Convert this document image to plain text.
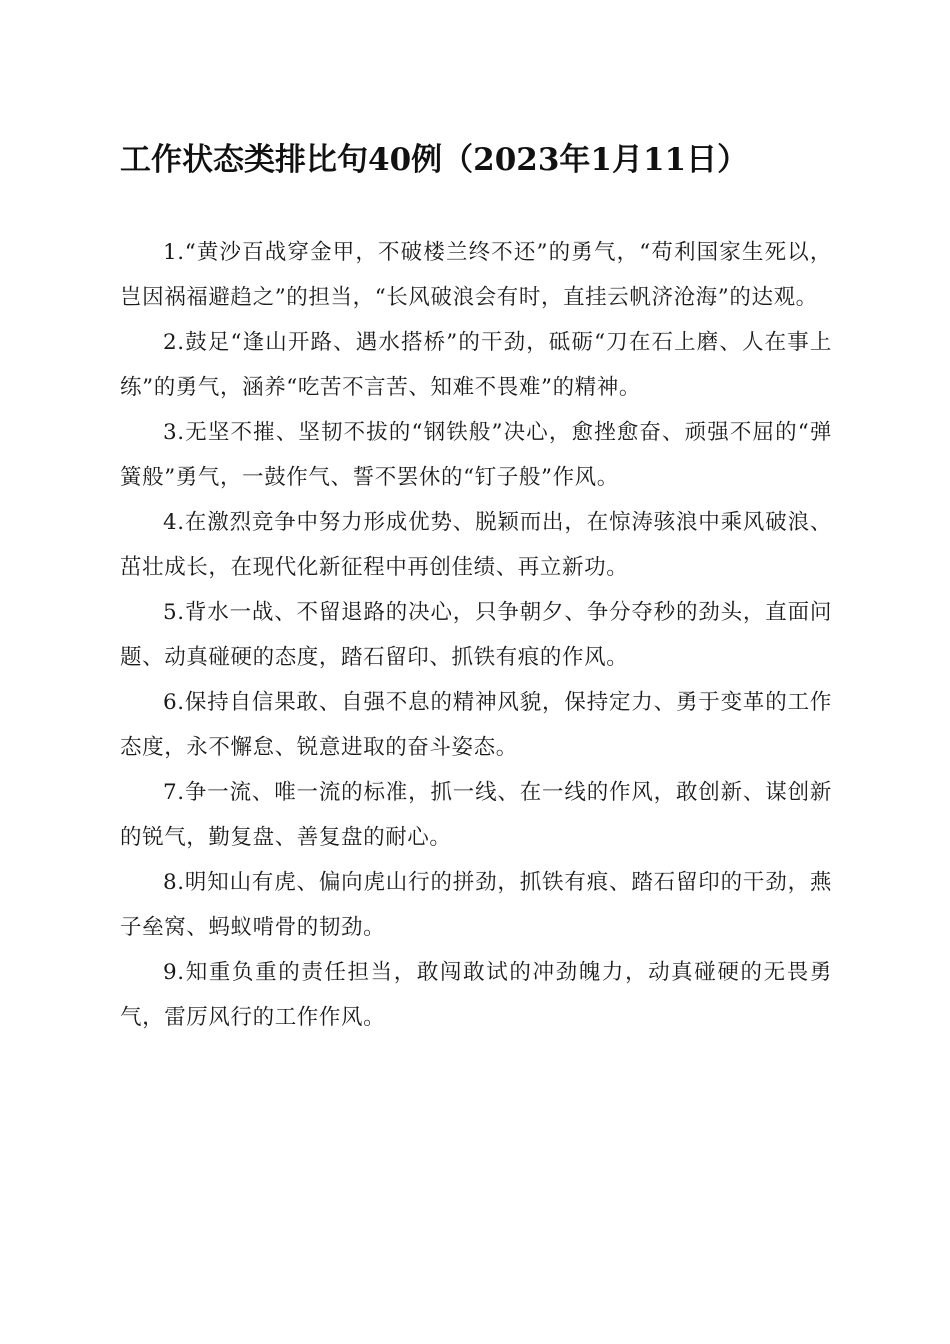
工作状态类排比句40例（2023年1月11日）

1.“黄沙百战穿金甲，不破楼兰终不还”的勇气，“苟利国家生死以，岂因祸福避趋之”的担当，“长风破浪会有时，直挂云帆济沧海”的达观。

2.鼓足“逢山开路、遇水搭桥”的干劲，砥砺“刀在石上磨、人在事上练”的勇气，涵养“吃苦不言苦、知难不畏难”的精神。

3.无坚不摧、坚韧不拔的“钢铁般”决心，愈挫愈奋、顽强不屈的“弹簧般”勇气，一鼓作气、誓不罢休的“钉子般”作风。

4.在激烈竞争中努力形成优势、脱颖而出，在惊涛骇浪中乘风破浪、茁壮成长，在现代化新征程中再创佳绩、再立新功。

5.背水一战、不留退路的决心，只争朝夕、争分夺秒的劲头，直面问题、动真碰硬的态度，踏石留印、抓铁有痕的作风。

6.保持自信果敢、自强不息的精神风貌，保持定力、勇于变革的工作态度，永不懈怠、锐意进取的奋斗姿态。

7.争一流、唯一流的标准，抓一线、在一线的作风，敢创新、谋创新的锐气，勤复盘、善复盘的耐心。

8.明知山有虎、偏向虎山行的拼劲，抓铁有痕、踏石留印的干劲，燕子垒窝、蚂蚁啃骨的韧劲。

9.知重负重的责任担当，敢闯敢试的冲劲魄力，动真碰硬的无畏勇气，雷厉风行的工作作风。
